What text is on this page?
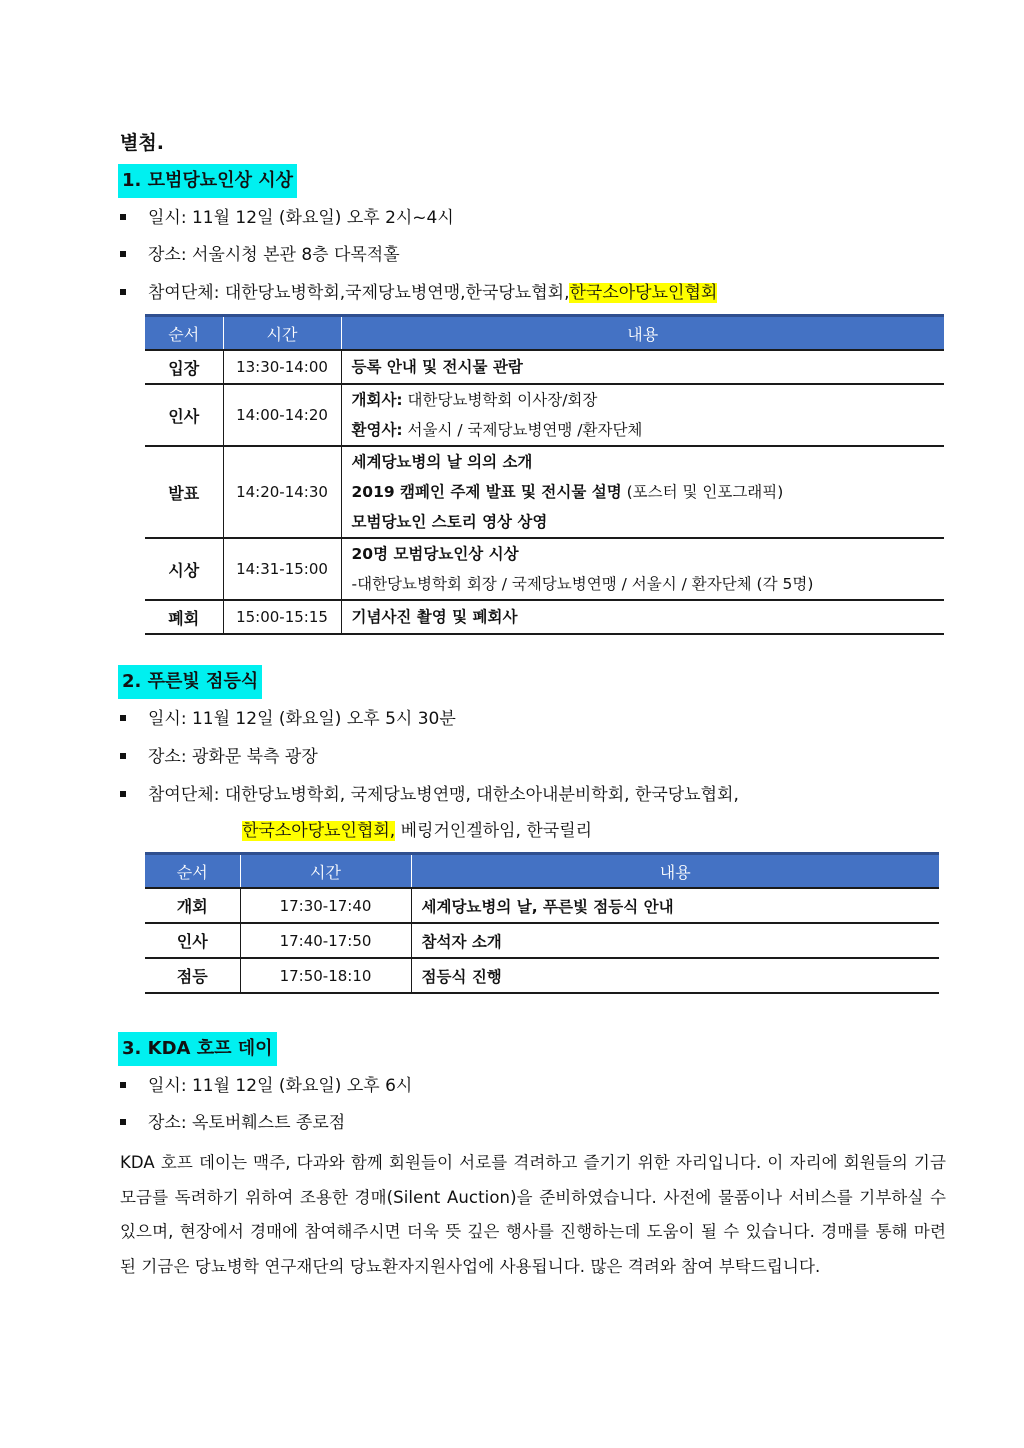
별첨.
1. 모범당뇨인상 시상
일시: 11월 12일 (화요일) 오후 2시~4시
장소: 서울시청 본관 8층 다목적홀
참여단체: 대한당뇨병학회,국제당뇨병연맹,한국당뇨협회,한국소아당뇨인협회
순서	시간	내용
입장	13:30-14:00	등록 안내 및 전시물 관람

인사	14:00-14:20	개회사: 대한당뇨병학회 이사장/회장
환영사: 서울시 / 국제당뇨병연맹 /환자단체

발표	14:20-14:30	세계당뇨병의 날 의의 소개
2019 캠페인 주제 발표 및 전시물 설명 (포스터 및 인포그래픽)
모범당뇨인 스토리 영상 상영

시상	14:31-15:00	20명 모범당뇨인상 시상
-대한당뇨병학회 회장 / 국제당뇨병연맹 / 서울시 / 환자단체 (각 5명)

폐회	15:00-15:15	기념사진 촬영 및 폐회사
2. 푸른빛 점등식
일시: 11월 12일 (화요일) 오후 5시 30분
장소: 광화문 북측 광장
참여단체: 대한당뇨병학회, 국제당뇨병연맹, 대한소아내분비학회, 한국당뇨협회,
한국소아당뇨인협회, 베링거인겔하임, 한국릴리
순서	시간	내용
개회	17:30-17:40	세계당뇨병의 날, 푸른빛 점등식 안내
인사	17:40-17:50	참석자 소개
점등	17:50-18:10	점등식 진행
3. KDA 호프 데이
일시: 11월 12일 (화요일) 오후 6시
장소: 옥토버훼스트 종로점
KDA 호프 데이는 맥주, 다과와 함께 회원들이 서로를 격려하고 즐기기 위한 자리입니다. 이 자리에 회원들의 기금모금를 독려하기 위하여 조용한 경매(Silent Auction)을 준비하였습니다. 사전에 물품이나 서비스를 기부하실 수 있으며, 현장에서 경매에 참여해주시면 더욱 뜻 깊은 행사를 진행하는데 도움이 될 수 있습니다. 경매를 통해 마련된 기금은 당뇨병학 연구재단의 당뇨환자지원사업에 사용됩니다. 많은 격려와 참여 부탁드립니다.
